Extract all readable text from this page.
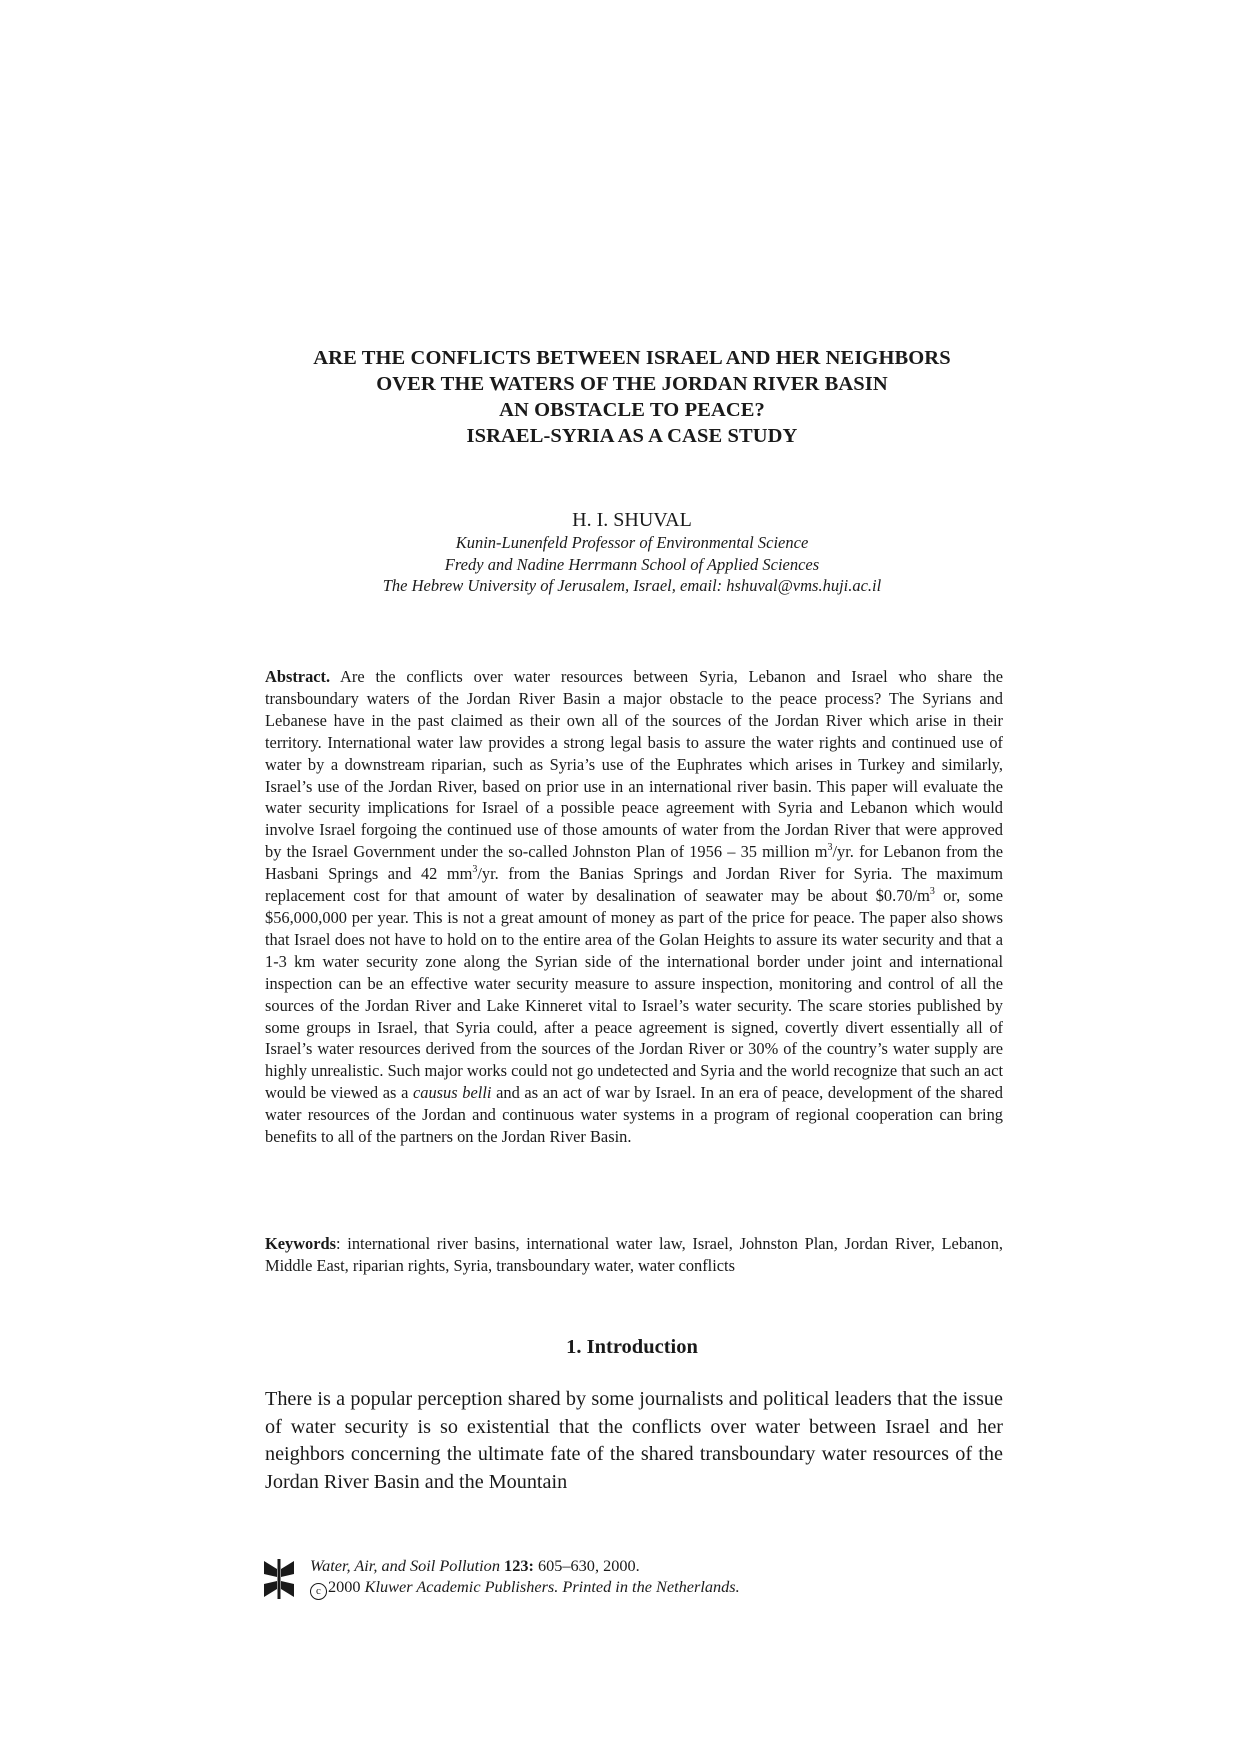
ARE THE CONFLICTS BETWEEN ISRAEL AND HER NEIGHBORS
OVER THE WATERS OF THE JORDAN RIVER BASIN
AN OBSTACLE TO PEACE?
ISRAEL-SYRIA AS A CASE STUDY
H. I. SHUVAL
Kunin-Lunenfeld Professor of Environmental Science
Fredy and Nadine Herrmann School of Applied Sciences
The Hebrew University of Jerusalem, Israel, email: hshuval@vms.huji.ac.il
Abstract. Are the conflicts over water resources between Syria, Lebanon and Israel who share the transboundary waters of the Jordan River Basin a major obstacle to the peace process? The Syrians and Lebanese have in the past claimed as their own all of the sources of the Jordan River which arise in their territory. International water law provides a strong legal basis to assure the water rights and continued use of water by a downstream riparian, such as Syria’s use of the Euphrates which arises in Turkey and similarly, Israel’s use of the Jordan River, based on prior use in an international river basin. This paper will evaluate the water security implications for Israel of a possible peace agreement with Syria and Lebanon which would involve Israel forgoing the continued use of those amounts of water from the Jordan River that were approved by the Israel Government under the so-called Johnston Plan of 1956 – 35 million $m^3/yr$. for Lebanon from the Hasbani Springs and 42 $mm^3/yr$. from the Banias Springs and Jordan River for Syria. The maximum replacement cost for that amount of water by desalination of seawater may be about $\$0.70/m^3$ or, some $56,000,000 per year. This is not a great amount of money as part of the price for peace. The paper also shows that Israel does not have to hold on to the entire area of the Golan Heights to assure its water security and that a 1-3 km water security zone along the Syrian side of the international border under joint and international inspection can be an effective water security measure to assure inspection, monitoring and control of all the sources of the Jordan River and Lake Kinneret vital to Israel’s water security. The scare stories published by some groups in Israel, that Syria could, after a peace agreement is signed, covertly divert essentially all of Israel’s water resources derived from the sources of the Jordan River or 30% of the country’s water supply are highly unrealistic. Such major works could not go undetected and Syria and the world recognize that such an act would be viewed as a causus belli and as an act of war by Israel. In an era of peace, development of the shared water resources of the Jordan and continuous water systems in a program of regional cooperation can bring benefits to all of the partners on the Jordan River Basin.
Keywords: international river basins, international water law, Israel, Johnston Plan, Jordan River, Lebanon, Middle East, riparian rights, Syria, transboundary water, water conflicts
1. Introduction
There is a popular perception shared by some journalists and political leaders that the issue of water security is so existential that the conflicts over water between Israel and her neighbors concerning the ultimate fate of the shared transboundary water resources of the Jordan River Basin and the Mountain
Water, Air, and Soil Pollution 123: 605–630, 2000.
c 2000 Kluwer Academic Publishers. Printed in the Netherlands.
